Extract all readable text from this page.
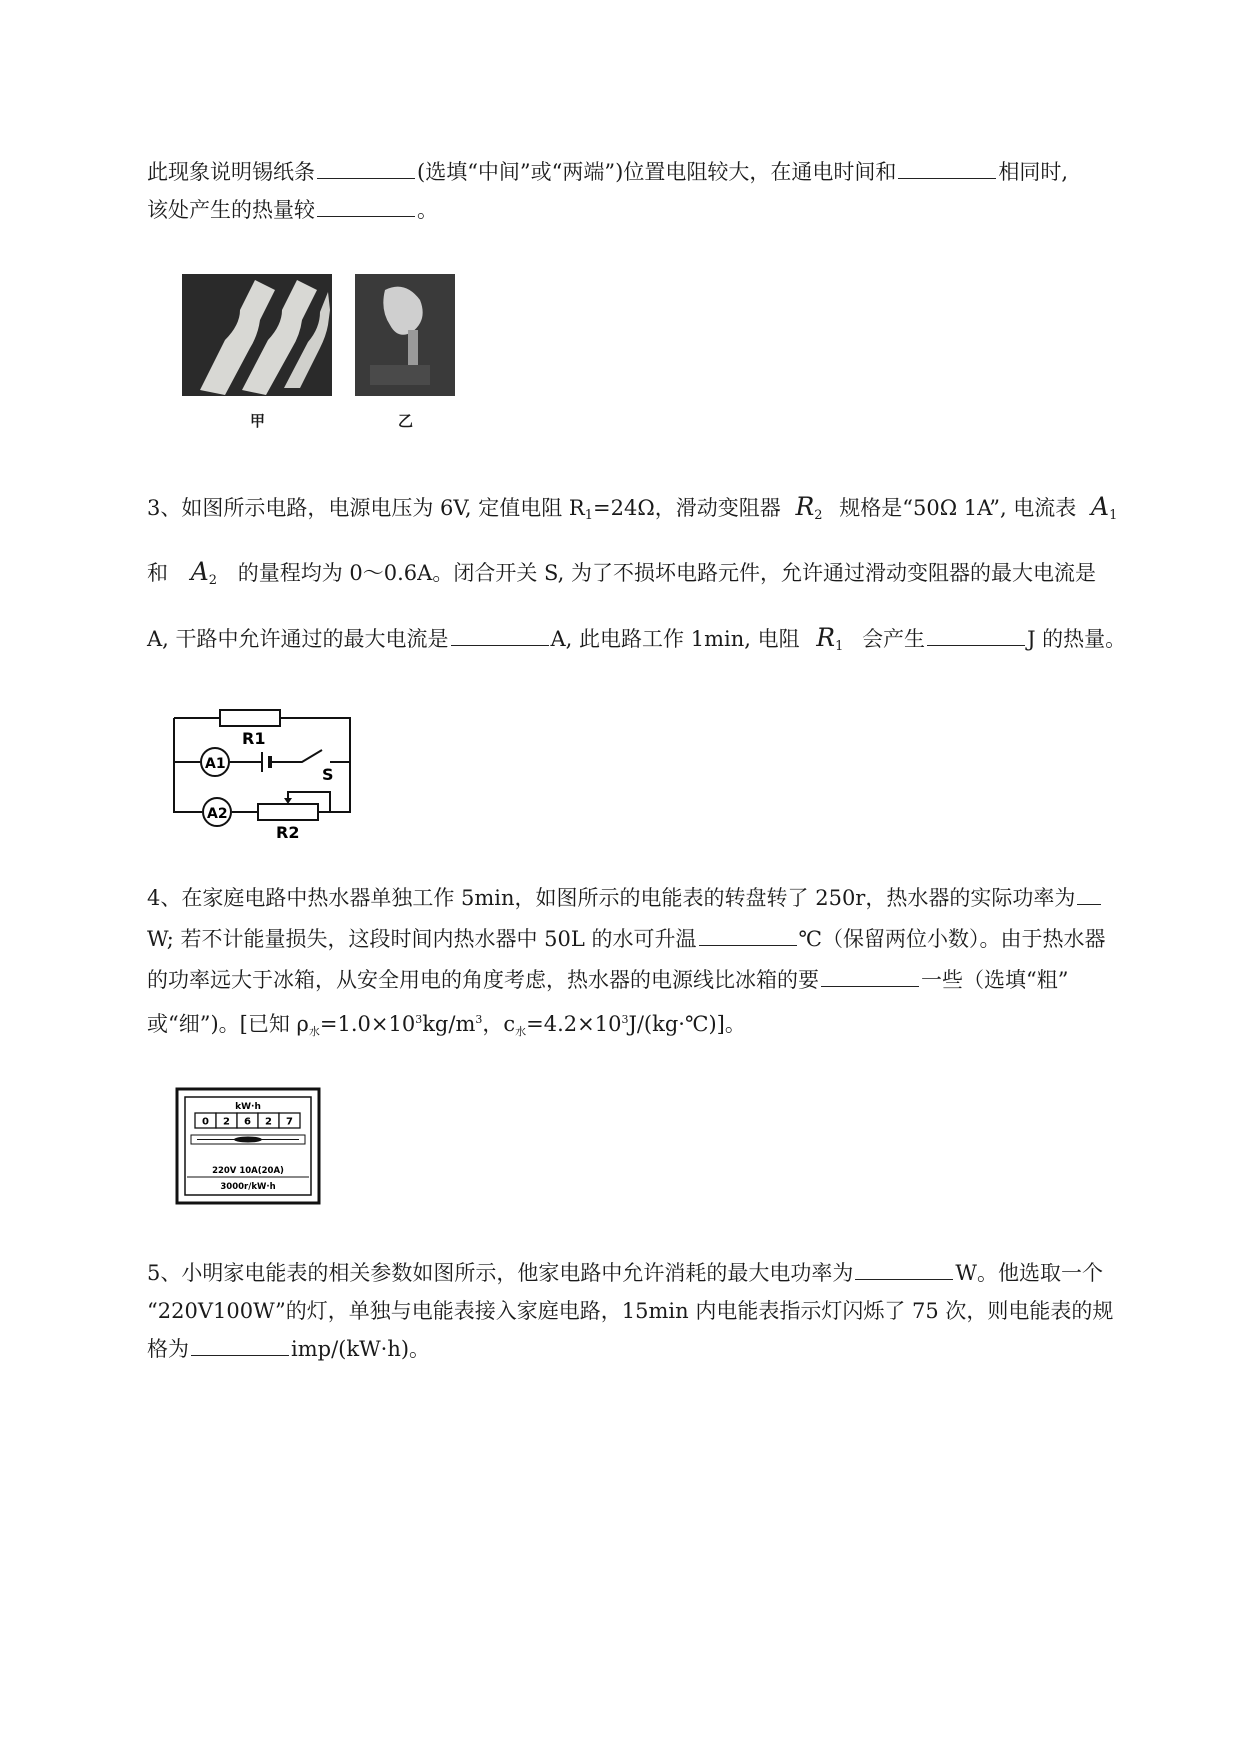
此现象说明锡纸条	(选填“中间”或“两端”)位置电阻较大，在通电时间和	相同时,
该处产生的热量较	。
甲	乙
3、如图所示电路，电源电压为 6V, 定值电阻 $R_1=24\Omega$，滑动变阻器 $R_2$ 规格是“50Ω 1A”, 电流表 $A_1$
和 $A_2$ 的量程均为 0～0.6A。闭合开关 S, 为了不损坏电路元件，允许通过滑动变阻器的最大电流是
A, 干路中允许通过的最大电流是	A, 此电路工作 1min, 电阻 $R_1$ 会产生	J 的热量。
R1
A1
S
A2
R2
4、在家庭电路中热水器单独工作 5min，如图所示的电能表的转盘转了 250r，热水器的实际功率为
W; 若不计能量损失，这段时间内热水器中 50L 的水可升温	℃（保留两位小数）。由于热水器
的功率远大于冰箱，从安全用电的角度考虑，热水器的电源线比冰箱的要	一些（选填“粗”
或“细”)。[已知 $\rho_水=1.0\times 10^3kg/m^3$，$c_水=4.2\times 10^3J/(kg\cdot℃)$]。
kW·h
0 2 6 2 7
220V 10A(20A)
3000r/kW·h
5、小明家电能表的相关参数如图所示，他家电路中允许消耗的最大电功率为	W。他选取一个
“220V100W”的灯，单独与电能表接入家庭电路，15min 内电能表指示灯闪烁了 75 次，则电能表的规
格为	imp/(kW·h)。
